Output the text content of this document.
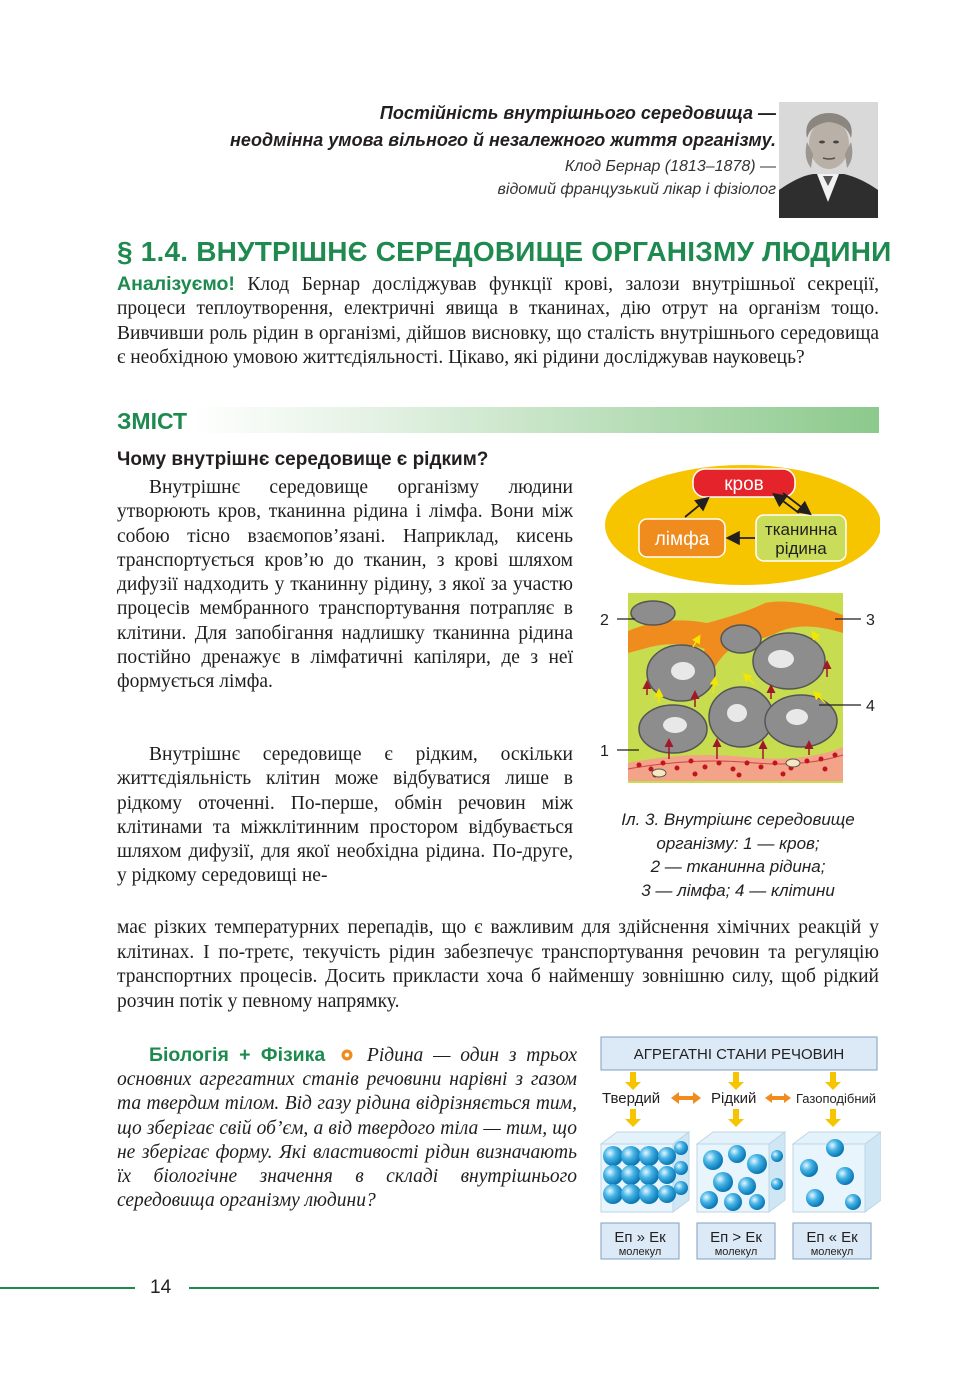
Постійність внутрішнього середовища —
неодмінна умова вільного й незалежного життя організму.
Клод Бернар (1813–1878) —
відомий французький лікар і фізіолог
§ 1.4. ВНУТРІШНЄ СЕРЕДОВИЩЕ ОРГАНІЗМУ ЛЮДИНИ
Аналізуємо! Клод Бернар досліджував функції крові, залози внутрішньої секреції, процеси теплоутворення, електричні явища в тканинах, дію отрут на організм тощо. Вивчивши роль рідин в організмі, дійшов висновку, що сталість внутрішнього середовища є необхідною умовою життєдіяльності. Цікаво, які рідини досліджував науковець?
ЗМІСТ
Чому внутрішнє середовище є рідким?
Внутрішнє середовище організму людини утворюють кров, тканинна рідина і лімфа. Вони між собою тісно взаємопов’язані. Наприклад, кисень транспортується кров’ю до тканин, з крові шляхом дифузії надходить у тканинну рідину, з якої за участю процесів мембранного транспортування потрапляє в клітини. Для запобігання надлишку тканинна рідина постійно дренажує в лімфатичні капіляри, де з неї формується лімфа.
Внутрішнє середовище є рідким, оскільки життєдіяльність клітин може відбуватися лише в рідкому оточенні. По-перше, обмін речовин між клітинами та міжклітинним простором відбувається шляхом дифузії, для якої необхідна рідина. По-друге, у рідкому середовищі не-
має різких температурних перепадів, що є важливим для здійснення хімічних реакцій у клітинах. І по-третє, текучість рідин забезпечує транспортування речовин та регуляцію транспортних процесів. Досить прикласти хоча б найменшу зовнішню силу, щоб рідкий розчин потік у певному напрямку.
кров
лімфа	тканинна
рідина
2	3
4
1
Іл. 3. Внутрішнє середовище
організму: 1 — кров;
2 — тканинна рідина;
3 — лімфа; 4 — клітини
Біологія + Фізика  Рідина — один з трьох основних агрегатних станів речовини нарівні з газом та твердим тілом. Від газу рідина відрізняється тим, що зберігає свій об’єм, а від твердого тіла — тим, що не зберігає форму. Які властивості рідин визначають їх біологічне значення в складі внутрішнього середовища організму людини?
АГРЕГАТНІ СТАНИ РЕЧОВИН
Твердий	Рідкий	Газоподібний
Еп » Ек	Еп > Ек	Еп « Ек
молекул	молекул	молекул
14
